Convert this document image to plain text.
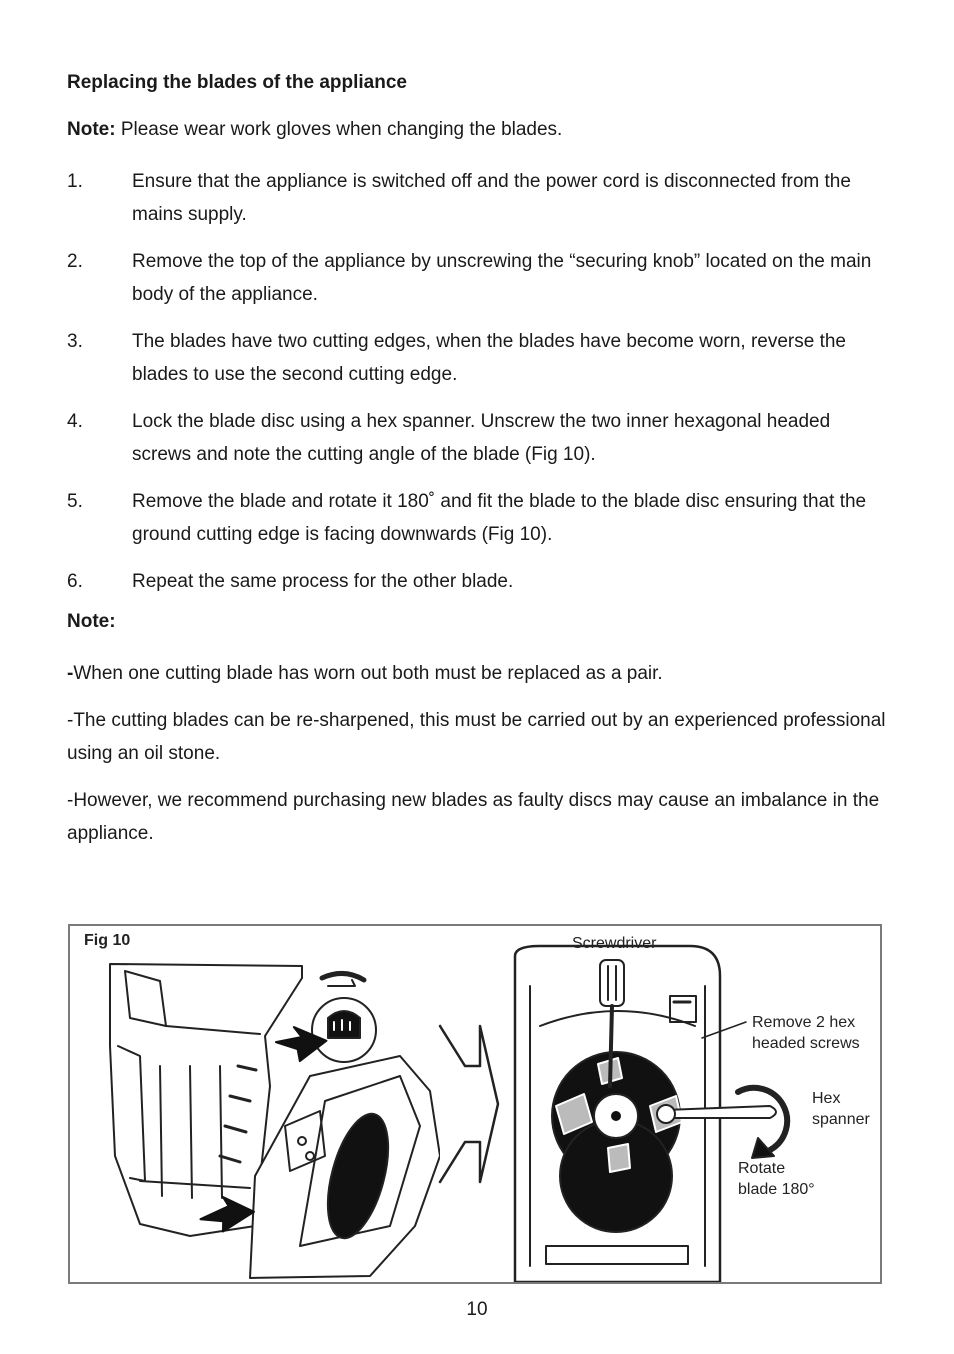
Replacing the blades of the appliance
Note: Please wear work gloves when changing the blades.
1.	Ensure that the appliance is switched off and the power cord is disconnected from the mains supply.
2.	Remove the top of the appliance by unscrewing the “securing knob” located on the main body of the appliance.
3.	The blades have two cutting edges, when the blades have become worn, reverse the blades to use the second cutting edge.
4.	Lock the blade disc using a hex spanner. Unscrew the two inner hexagonal headed screws and note the cutting angle of the blade (Fig 10).
5.	Remove the blade and rotate it 180˚ and fit the blade to the blade disc ensuring that the ground cutting edge is facing downwards (Fig 10).
6.	Repeat the same process for the other blade.
Note:

-When one cutting blade has worn out both must be replaced as a pair.

-The cutting blades can be re-sharpened, this must be carried out by an experienced professional using an oil stone.

-However, we recommend purchasing new blades as faulty discs may cause an imbalance in the appliance.

Fig 10	Screwdriver
Remove 2 hex
headed screws
Hex
spanner
Rotate
blade 180°
10
